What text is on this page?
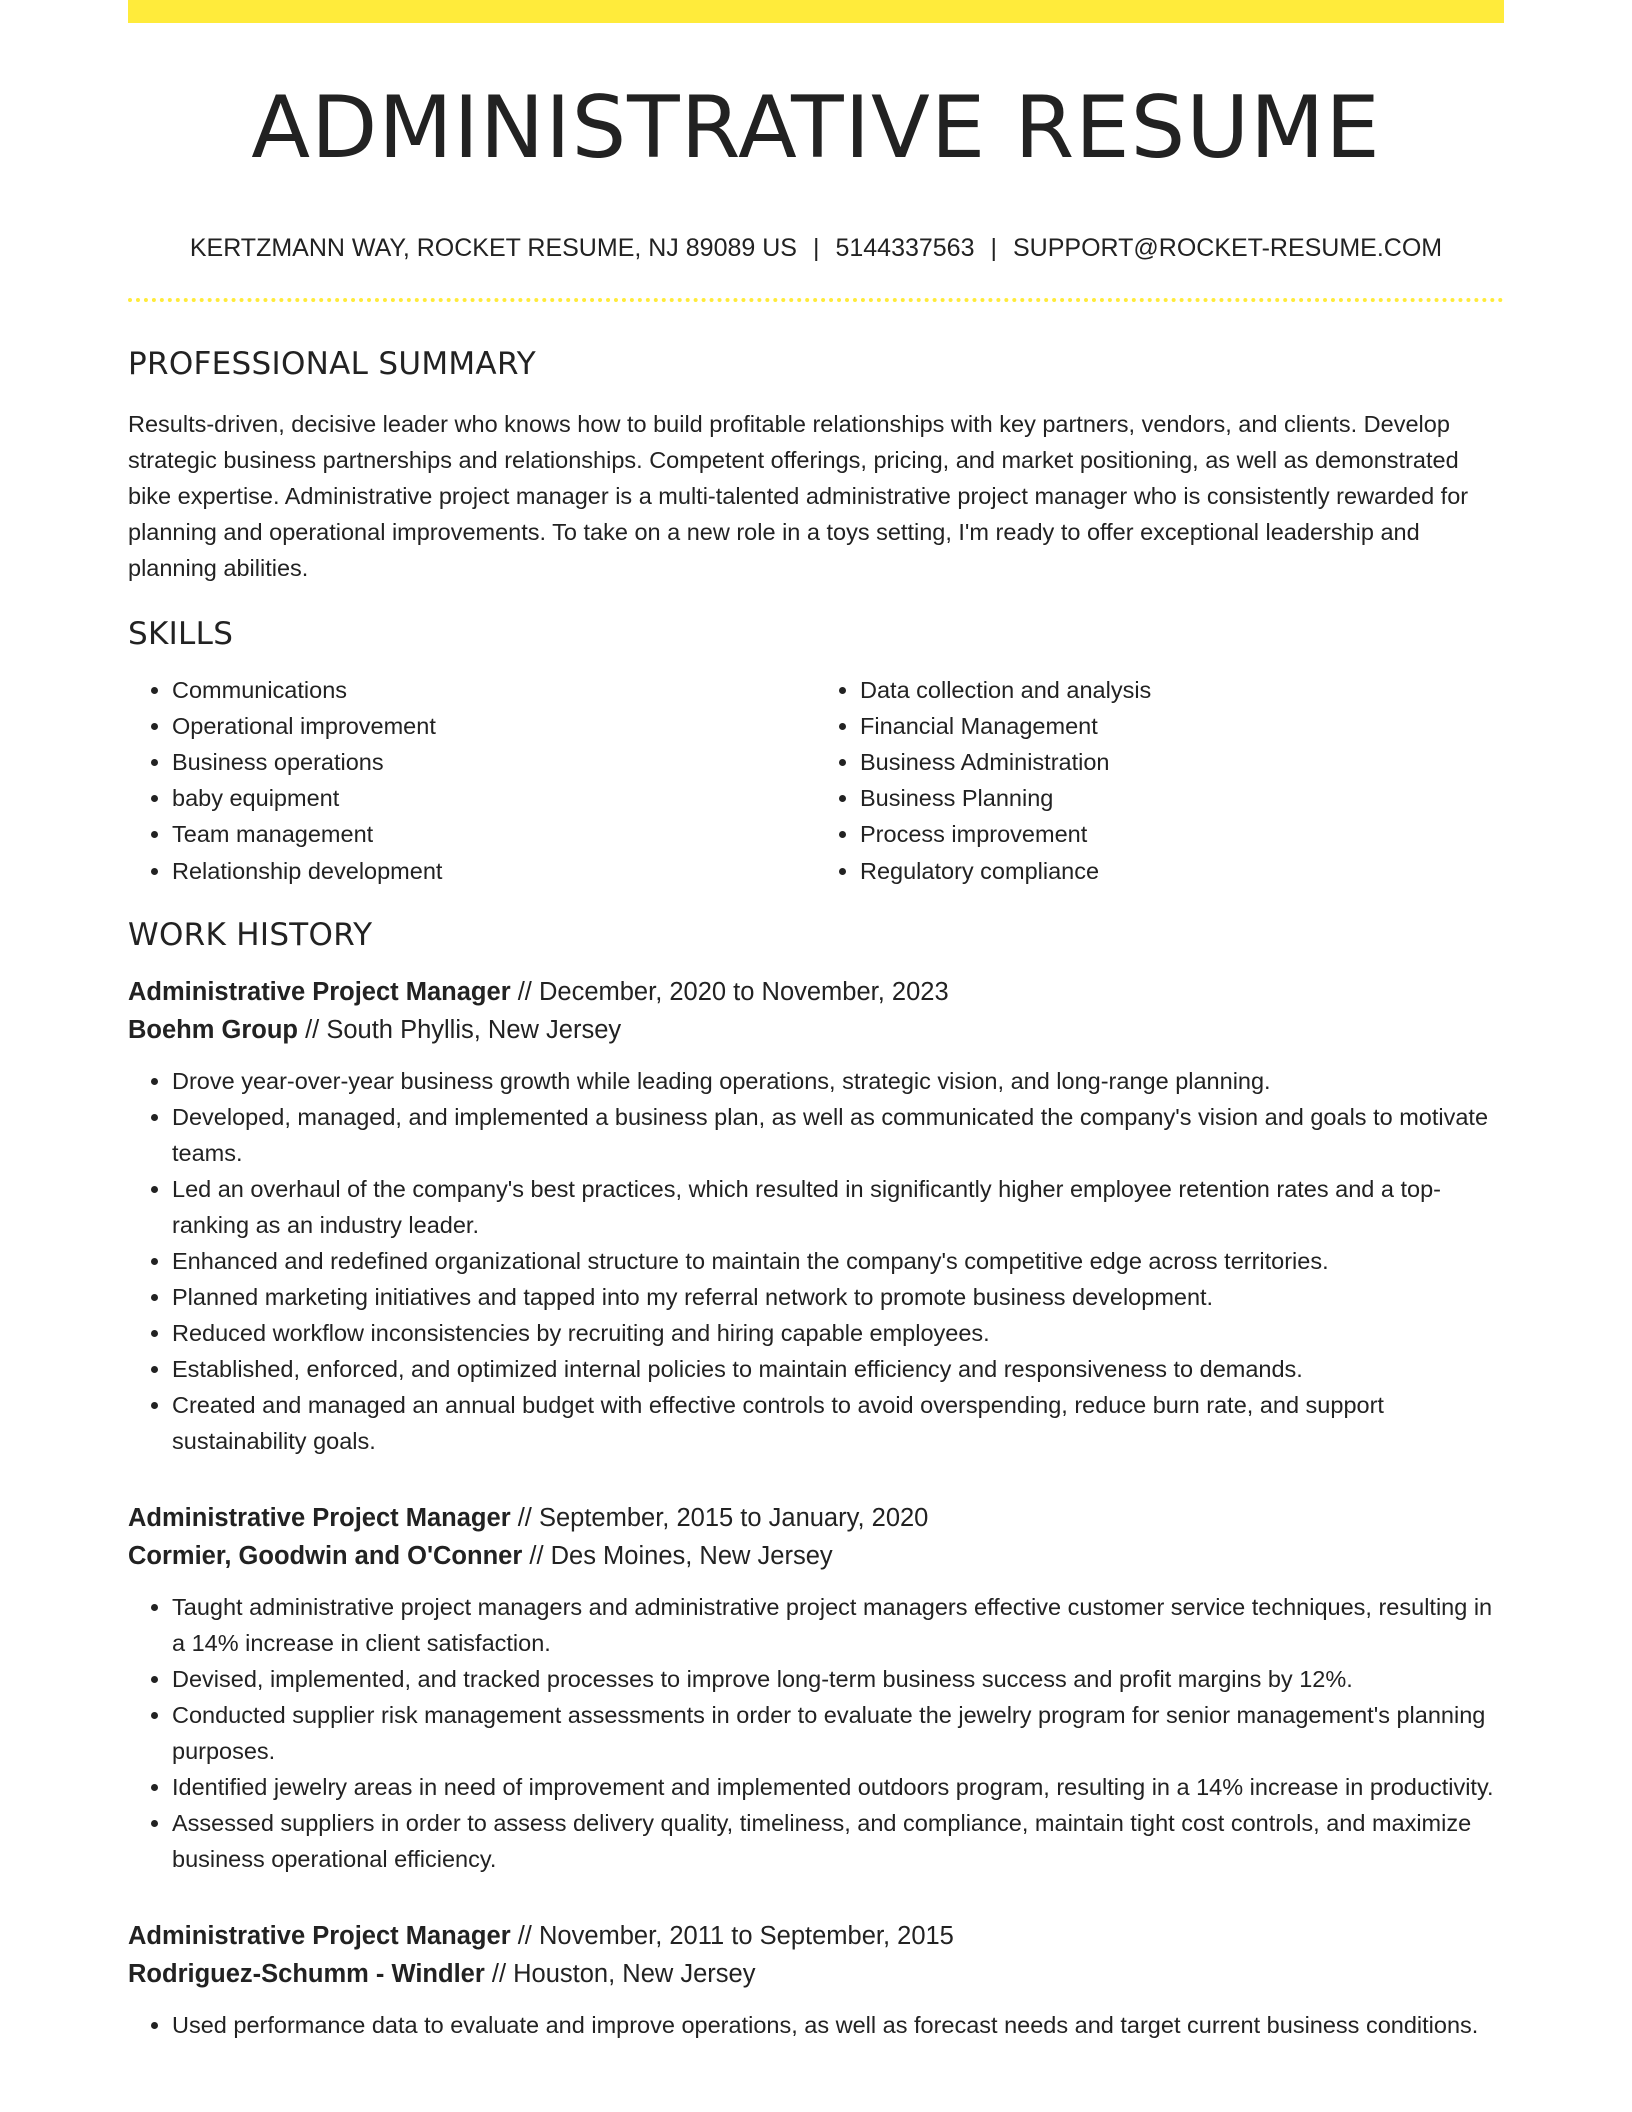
ADMINISTRATIVE RESUME
KERTZMANN WAY, ROCKET RESUME, NJ 89089 US | 5144337563 | SUPPORT@ROCKET-RESUME.COM
PROFESSIONAL SUMMARY

Results-driven, decisive leader who knows how to build profitable relationships with key partners, vendors, and clients. Develop strategic business partnerships and relationships. Competent offerings, pricing, and market positioning, as well as demonstrated bike expertise. Administrative project manager is a multi-talented administrative project manager who is consistently rewarded for planning and operational improvements. To take on a new role in a toys setting, I'm ready to offer exceptional leadership and planning abilities.

SKILLS
• Communications
• Operational improvement
• Business operations
• baby equipment
• Team management
• Relationship development
• Data collection and analysis
• Financial Management
• Business Administration
• Business Planning
• Process improvement
• Regulatory compliance
WORK HISTORY
Administrative Project Manager // December, 2020 to November, 2023
Boehm Group // South Phyllis, New Jersey
• Drove year-over-year business growth while leading operations, strategic vision, and long-range planning.
• Developed, managed, and implemented a business plan, as well as communicated the company's vision and goals to motivate teams.
• Led an overhaul of the company's best practices, which resulted in significantly higher employee retention rates and a top-ranking as an industry leader.
• Enhanced and redefined organizational structure to maintain the company's competitive edge across territories.
• Planned marketing initiatives and tapped into my referral network to promote business development.
• Reduced workflow inconsistencies by recruiting and hiring capable employees.
• Established, enforced, and optimized internal policies to maintain efficiency and responsiveness to demands.
• Created and managed an annual budget with effective controls to avoid overspending, reduce burn rate, and support sustainability goals.
Administrative Project Manager // September, 2015 to January, 2020
Cormier, Goodwin and O'Conner // Des Moines, New Jersey
• Taught administrative project managers and administrative project managers effective customer service techniques, resulting in a 14% increase in client satisfaction.
• Devised, implemented, and tracked processes to improve long-term business success and profit margins by 12%.
• Conducted supplier risk management assessments in order to evaluate the jewelry program for senior management's planning purposes.
• Identified jewelry areas in need of improvement and implemented outdoors program, resulting in a 14% increase in productivity.
• Assessed suppliers in order to assess delivery quality, timeliness, and compliance, maintain tight cost controls, and maximize business operational efficiency.
Administrative Project Manager // November, 2011 to September, 2015
Rodriguez-Schumm - Windler // Houston, New Jersey
• Used performance data to evaluate and improve operations, as well as forecast needs and target current business conditions.
